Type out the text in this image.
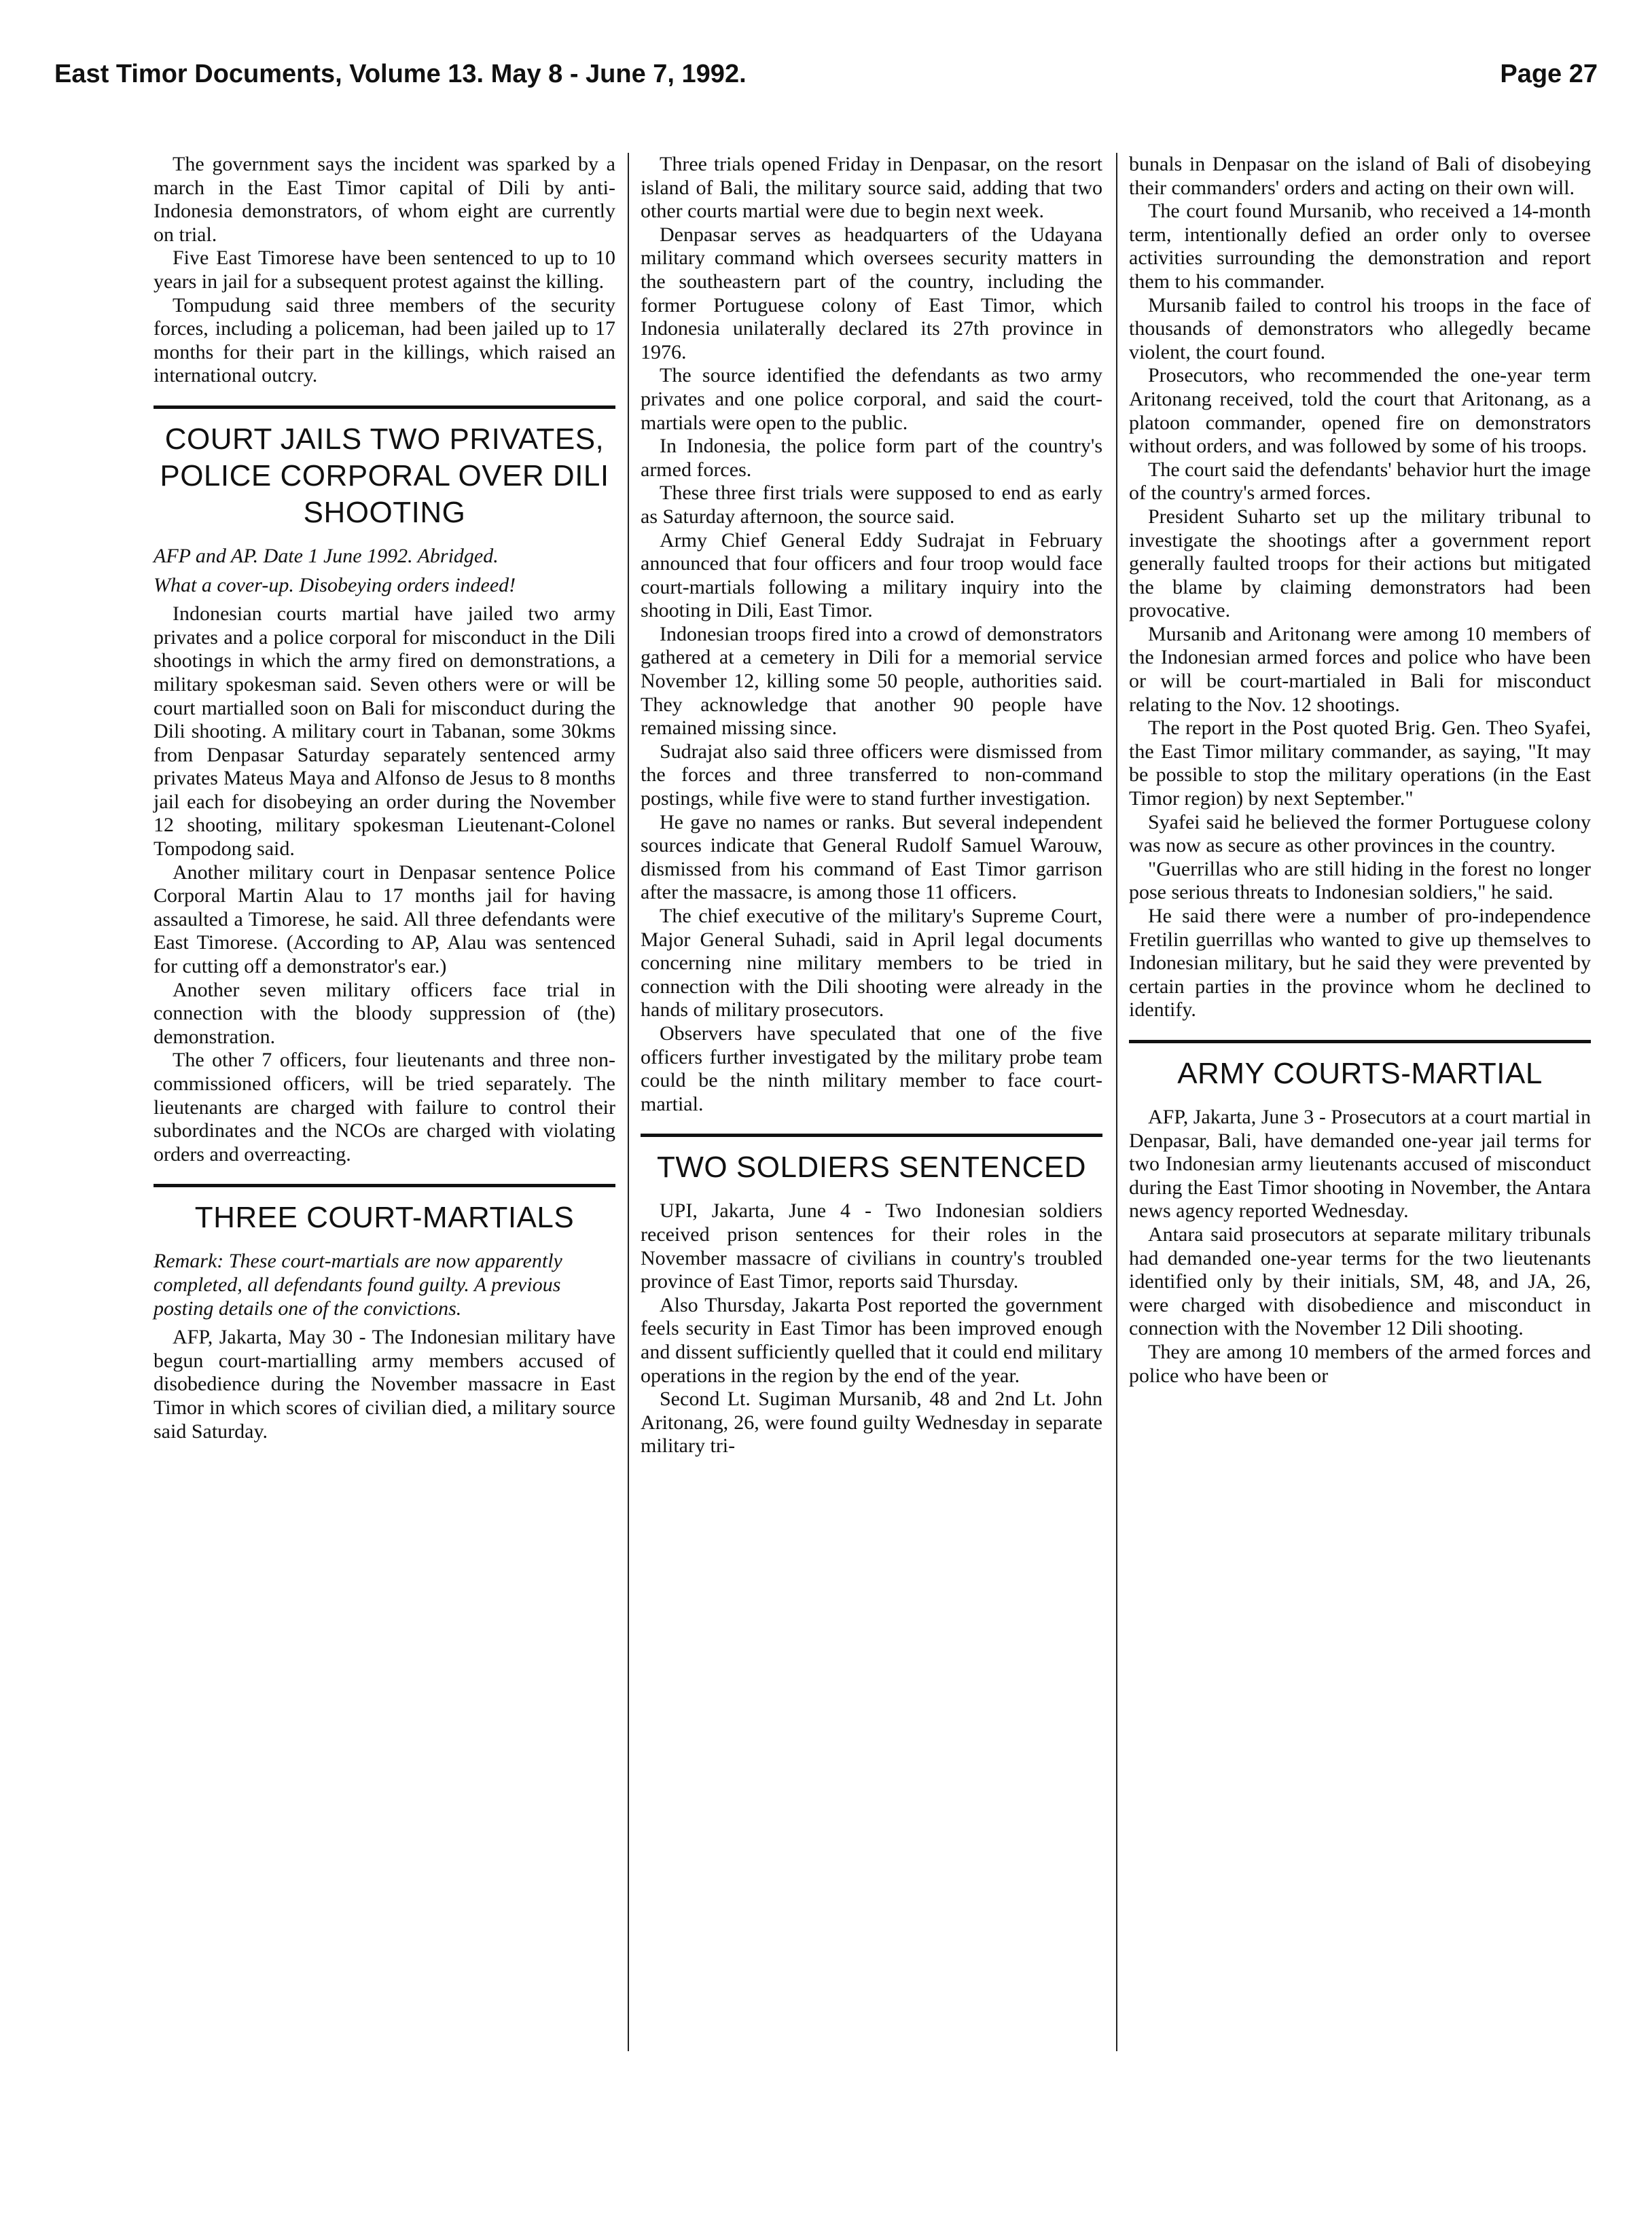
East Timor Documents, Volume 13. May 8 - June 7, 1992.	Page 27

The government says the incident was sparked by a march in the East Timor capital of Dili by anti-Indonesia demonstrators, of whom eight are currently on trial.

Five East Timorese have been sentenced to up to 10 years in jail for a subsequent protest against the killing.

Tompudung said three members of the security forces, including a policeman, had been jailed up to 17 months for their part in the killings, which raised an international outcry.

COURT JAILS TWO PRIVATES, POLICE CORPORAL OVER DILI SHOOTING

AFP and AP. Date 1 June 1992. Abridged.

What a cover-up. Disobeying orders indeed!

Indonesian courts martial have jailed two army privates and a police corporal for misconduct in the Dili shootings in which the army fired on demonstrations, a military spokesman said. Seven others were or will be court martialled soon on Bali for misconduct during the Dili shooting. A military court in Tabanan, some 30kms from Denpasar Saturday separately sentenced army privates Mateus Maya and Alfonso de Jesus to 8 months jail each for disobeying an order during the November 12 shooting, military spokesman Lieutenant-Colonel Tompodong said.

Another military court in Denpasar sentence Police Corporal Martin Alau to 17 months jail for having assaulted a Timorese, he said. All three defendants were East Timorese. (According to AP, Alau was sentenced for cutting off a demonstrator's ear.)

Another seven military officers face trial in connection with the bloody suppression of (the) demonstration.

The other 7 officers, four lieutenants and three non-commissioned officers, will be tried separately. The lieutenants are charged with failure to control their subordinates and the NCOs are charged with violating orders and overreacting.

THREE COURT-MARTIALS

Remark: These court-martials are now apparently completed, all defendants found guilty. A previous posting details one of the convictions.

AFP, Jakarta, May 30 - The Indonesian military have begun court-martialling army members accused of disobedience during the November massacre in East Timor in which scores of civilian died, a military source said Saturday.

Three trials opened Friday in Denpasar, on the resort island of Bali, the military source said, adding that two other courts martial were due to begin next week.

Denpasar serves as headquarters of the Udayana military command which oversees security matters in the southeastern part of the country, including the former Portuguese colony of East Timor, which Indonesia unilaterally declared its 27th province in 1976.

The source identified the defendants as two army privates and one police corporal, and said the court-martials were open to the public.

In Indonesia, the police form part of the country's armed forces.

These three first trials were supposed to end as early as Saturday afternoon, the source said.

Army Chief General Eddy Sudrajat in February announced that four officers and four troop would face court-martials following a military inquiry into the shooting in Dili, East Timor.

Indonesian troops fired into a crowd of demonstrators gathered at a cemetery in Dili for a memorial service November 12, killing some 50 people, authorities said. They acknowledge that another 90 people have remained missing since.

Sudrajat also said three officers were dismissed from the forces and three transferred to non-command postings, while five were to stand further investigation.

He gave no names or ranks. But several independent sources indicate that General Rudolf Samuel Warouw, dismissed from his command of East Timor garrison after the massacre, is among those 11 officers.

The chief executive of the military's Supreme Court, Major General Suhadi, said in April legal documents concerning nine military members to be tried in connection with the Dili shooting were already in the hands of military prosecutors.

Observers have speculated that one of the five officers further investigated by the military probe team could be the ninth military member to face court-martial.

TWO SOLDIERS SENTENCED

UPI, Jakarta, June 4 - Two Indonesian soldiers received prison sentences for their roles in the November massacre of civilians in country's troubled province of East Timor, reports said Thursday.

Also Thursday, Jakarta Post reported the government feels security in East Timor has been improved enough and dissent sufficiently quelled that it could end military operations in the region by the end of the year.

Second Lt. Sugiman Mursanib, 48 and 2nd Lt. John Aritonang, 26, were found guilty Wednesday in separate military tri-

bunals in Denpasar on the island of Bali of disobeying their commanders' orders and acting on their own will.

The court found Mursanib, who received a 14-month term, intentionally defied an order only to oversee activities surrounding the demonstration and report them to his commander.

Mursanib failed to control his troops in the face of thousands of demonstrators who allegedly became violent, the court found.

Prosecutors, who recommended the one-year term Aritonang received, told the court that Aritonang, as a platoon commander, opened fire on demonstrators without orders, and was followed by some of his troops.

The court said the defendants' behavior hurt the image of the country's armed forces.

President Suharto set up the military tribunal to investigate the shootings after a government report generally faulted troops for their actions but mitigated the blame by claiming demonstrators had been provocative.

Mursanib and Aritonang were among 10 members of the Indonesian armed forces and police who have been or will be court-martialed in Bali for misconduct relating to the Nov. 12 shootings.

The report in the Post quoted Brig. Gen. Theo Syafei, the East Timor military commander, as saying, "It may be possible to stop the military operations (in the East Timor region) by next September."

Syafei said he believed the former Portuguese colony was now as secure as other provinces in the country.

"Guerrillas who are still hiding in the forest no longer pose serious threats to Indonesian soldiers," he said.

He said there were a number of pro-independence Fretilin guerrillas who wanted to give up themselves to Indonesian military, but he said they were prevented by certain parties in the province whom he declined to identify.

ARMY COURTS-MARTIAL

AFP, Jakarta, June 3 - Prosecutors at a court martial in Denpasar, Bali, have demanded one-year jail terms for two Indonesian army lieutenants accused of misconduct during the East Timor shooting in November, the Antara news agency reported Wednesday.

Antara said prosecutors at separate military tribunals had demanded one-year terms for the two lieutenants identified only by their initials, SM, 48, and JA, 26, were charged with disobedience and misconduct in connection with the November 12 Dili shooting.

They are among 10 members of the armed forces and police who have been or
